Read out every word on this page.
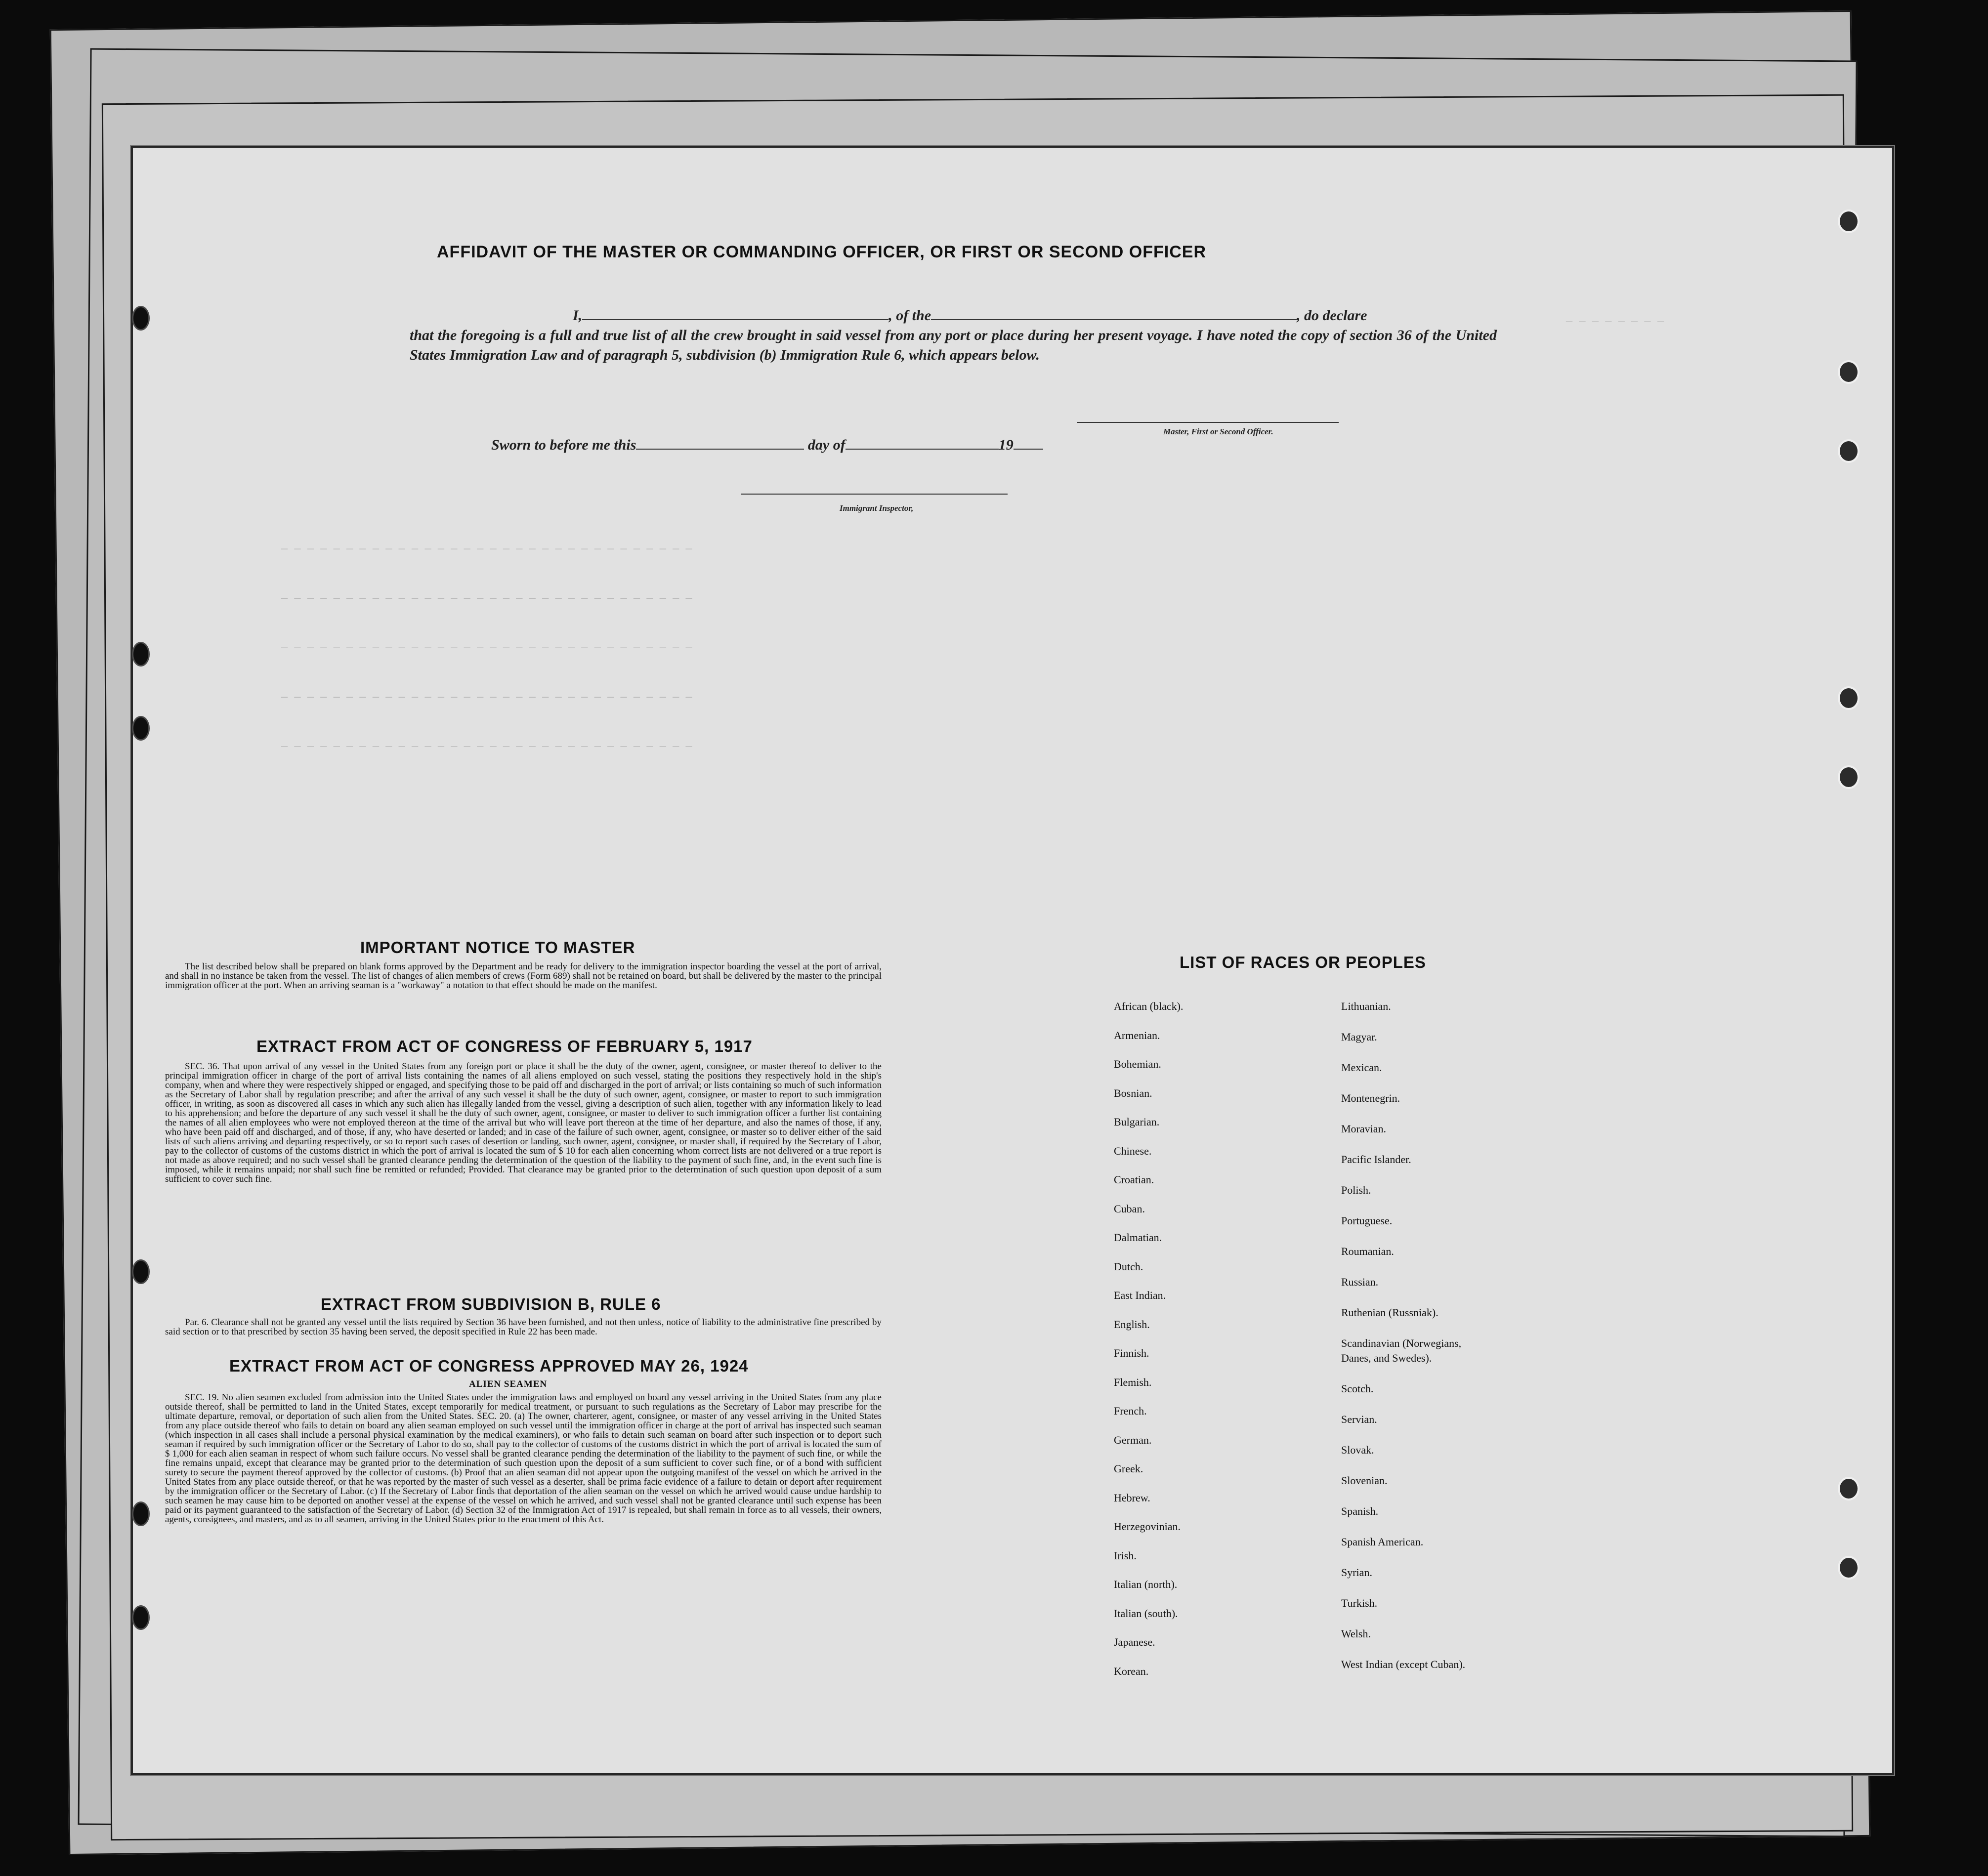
— — — — — — — —
— — — — — — — — — — — — — — — — — — — — — — — — — — — — — — — —
— — — — — — — — — — — — — — — — — — — — — — — — — — — — — — — —
— — — — — — — — — — — — — — — — — — — — — — — — — — — — — — — —
— — — — — — — — — — — — — — — — — — — — — — — — — — — — — — — —
— — — — — — — — — — — — — — — — — — — — — — — — — — — — — — — —
AFFIDAVIT OF THE MASTER OR COMMANDING OFFICER, OR FIRST OR SECOND OFFICER
I,	, of the	, do declare
that the foregoing is a full and true list of all the crew brought in said vessel from any port or place during her present voyage. I have noted the copy of section 36 of the United States Immigration Law and of paragraph 5, subdivision (b) Immigration Rule 6, which appears below.
Master, First or Second Officer.
Sworn to before me this	day of	19
Immigrant Inspector,
IMPORTANT NOTICE TO MASTER
The list described below shall be prepared on blank forms approved by the Department and be ready for delivery to the immigration inspector boarding the vessel at the port of arrival, and shall in no instance be taken from the vessel. The list of changes of alien members of crews (Form 689) shall not be retained on board, but shall be delivered by the master to the principal immigration officer at the port. When an arriving seaman is a "workaway" a notation to that effect should be made on the manifest.
EXTRACT FROM ACT OF CONGRESS OF FEBRUARY 5, 1917
SEC. 36. That upon arrival of any vessel in the United States from any foreign port or place it shall be the duty of the owner, agent, consignee, or master thereof to deliver to the principal immigration officer in charge of the port of arrival lists containing the names of all aliens employed on such vessel, stating the positions they respectively hold in the ship's company, when and where they were respectively shipped or engaged, and specifying those to be paid off and discharged in the port of arrival; or lists containing so much of such information as the Secretary of Labor shall by regulation prescribe; and after the arrival of any such vessel it shall be the duty of such owner, agent, consignee, or master to report to such immigration officer, in writing, as soon as discovered all cases in which any such alien has illegally landed from the vessel, giving a description of such alien, together with any information likely to lead to his apprehension; and before the departure of any such vessel it shall be the duty of such owner, agent, consignee, or master to deliver to such immigration officer a further list containing the names of all alien employees who were not employed thereon at the time of the arrival but who will leave port thereon at the time of her departure, and also the names of those, if any, who have been paid off and discharged, and of those, if any, who have deserted or landed; and in case of the failure of such owner, agent, consignee, or master so to deliver either of the said lists of such aliens arriving and departing respectively, or so to report such cases of desertion or landing, such owner, agent, consignee, or master shall, if required by the Secretary of Labor, pay to the collector of customs of the customs district in which the port of arrival is located the sum of $ 10 for each alien concerning whom correct lists are not delivered or a true report is not made as above required; and no such vessel shall be granted clearance pending the determination of the question of the liability to the payment of such fine, and, in the event such fine is imposed, while it remains unpaid; nor shall such fine be remitted or refunded; Provided. That clearance may be granted prior to the determination of such question upon deposit of a sum sufficient to cover such fine.
EXTRACT FROM SUBDIVISION B, RULE 6
Par. 6. Clearance shall not be granted any vessel until the lists required by Section 36 have been furnished, and not then unless, notice of liability to the administrative fine prescribed by said section or to that prescribed by section 35 having been served, the deposit specified in Rule 22 has been made.
EXTRACT FROM ACT OF CONGRESS APPROVED MAY 26, 1924
ALIEN SEAMEN
SEC. 19. No alien seamen excluded from admission into the United States under the immigration laws and employed on board any vessel arriving in the United States from any place outside thereof, shall be permitted to land in the United States, except temporarily for medical treatment, or pursuant to such regulations as the Secretary of Labor may prescribe for the ultimate departure, removal, or deportation of such alien from the United States. SEC. 20. (a) The owner, charterer, agent, consignee, or master of any vessel arriving in the United States from any place outside thereof who fails to detain on board any alien seaman employed on such vessel until the immigration officer in charge at the port of arrival has inspected such seaman (which inspection in all cases shall include a personal physical examination by the medical examiners), or who fails to detain such seaman on board after such inspection or to deport such seaman if required by such immigration officer or the Secretary of Labor to do so, shall pay to the collector of customs of the customs district in which the port of arrival is located the sum of $ 1,000 for each alien seaman in respect of whom such failure occurs. No vessel shall be granted clearance pending the determination of the liability to the payment of such fine, or while the fine remains unpaid, except that clearance may be granted prior to the determination of such question upon the deposit of a sum sufficient to cover such fine, or of a bond with sufficient surety to secure the payment thereof approved by the collector of customs. (b) Proof that an alien seaman did not appear upon the outgoing manifest of the vessel on which he arrived in the United States from any place outside thereof, or that he was reported by the master of such vessel as a deserter, shall be prima facie evidence of a failure to detain or deport after requirement by the immigration officer or the Secretary of Labor. (c) If the Secretary of Labor finds that deportation of the alien seaman on the vessel on which he arrived would cause undue hardship to such seamen he may cause him to be deported on another vessel at the expense of the vessel on which he arrived, and such vessel shall not be granted clearance until such expense has been paid or its payment guaranteed to the satisfaction of the Secretary of Labor. (d) Section 32 of the Immigration Act of 1917 is repealed, but shall remain in force as to all vessels, their owners, agents, consignees, and masters, and as to all seamen, arriving in the United States prior to the enactment of this Act.
LIST OF RACES OR PEOPLES
African (black).
Armenian.
Bohemian.
Bosnian.
Bulgarian.
Chinese.
Croatian.
Cuban.
Dalmatian.
Dutch.
East Indian.
English.
Finnish.
Flemish.
French.
German.
Greek.
Hebrew.
Herzegovinian.
Irish.
Italian (north).
Italian (south).
Japanese.
Korean.
Lithuanian.
Magyar.
Mexican.
Montenegrin.
Moravian.
Pacific Islander.
Polish.
Portuguese.
Roumanian.
Russian.
Ruthenian (Russniak).
Scandinavian (Norwegians,
Danes, and Swedes).
Scotch.
Servian.
Slovak.
Slovenian.
Spanish.
Spanish American.
Syrian.
Turkish.
Welsh.
West Indian (except Cuban).
